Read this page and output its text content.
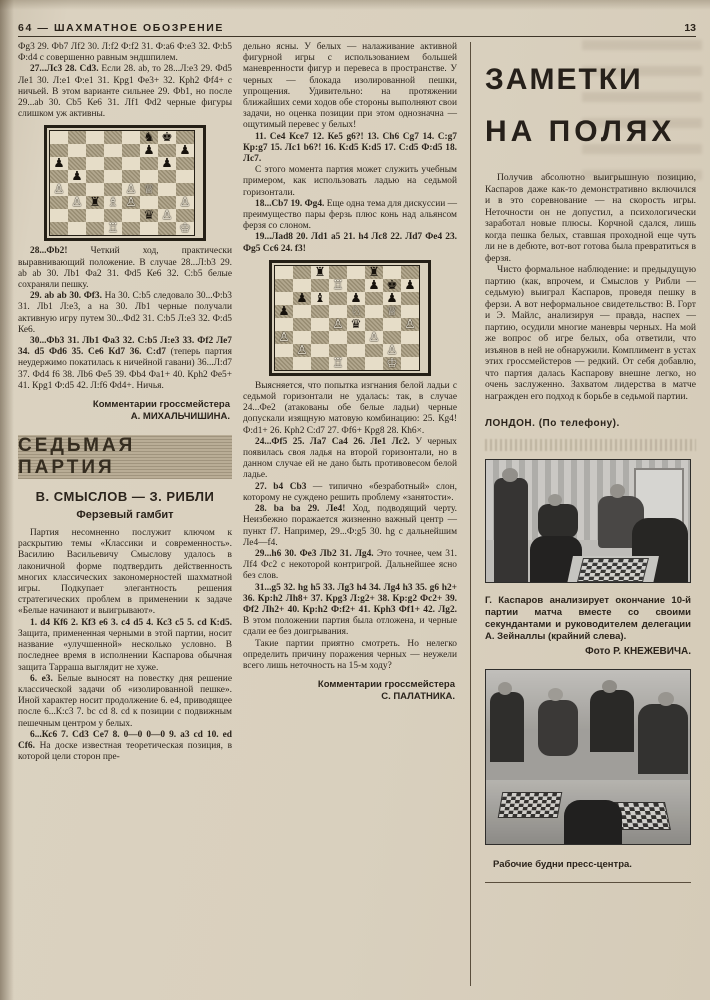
64 — ШАХМАТНОЕ ОБОЗРЕНИЕ	13

Фg3 29. Фb7 Лf2 30. Л:f2 Ф:f2 31. Ф:а6 Ф:е3 32. Ф:b5 Ф:d4 с совершенно равным эндшпилем.

27...Лс3 28. Сd3. Если 28. ab, то 28...Л:е3 29. Фd5 Ле1 30. Л:е1 Ф:е1 31. Крg1 Фе3+ 32. Крh2 Фf4+ с ничьей. В этом варианте сильнее 29. Фb1, но после 29...ab 30. Сb5 Ке6 31. Лf1 Фd2 черные фигуры слишком уж активны.

♞ ♚
♟ ♟
♟	♟
♟
♙	♙ ♕
♙ ♜ ♗ ♙	♙
♛ ♙
♖	♔

28...Фb2! Четкий ход, практически выравнивающий положение. В случае 28...Л:b3 29. ab ab 30. Лb1 Фа2 31. Фd5 Ке6 32. С:b5 белые сохраняли пешку.

29. ab ab 30. Фf3. На 30. С:b5 следовало 30...Ф:b3 31. Лb1 Л:е3, а на 30. Лb1 черные получали активную игру путем 30...Фd2 31. С:b5 Л:е3 32. Ф:d5 Ке6.

30...Фb3 31. Лb1 Фа3 32. С:b5 Л:е3 33. Фf2 Ле7 34. d5 Фd6 35. Се6 Кd7 36. С:d7 (теперь партия неудержимо покатилась к ничейной гавани) 36...Л:d7 37. Фd4 f6 38. Лb6 Фе5 39. Фb4 Фа1+ 40. Крh2 Фе5+ 41. Крg1 Ф:d5 42. Л:f6 Фd4+. Ничья.

Комментарии гроссмейстера
А. МИХАЛЬЧИШИНА.
СЕДЬМАЯ ПАРТИЯ
В. СМЫСЛОВ — З. РИБЛИ
Ферзевый гамбит

Партия несомненно послужит ключом к раскрытию темы «Классики и современность». Василию Васильевичу Смыслову удалось в лаконичной форме подтвердить действенность многих классических закономерностей шахматной игры. Подкупает элегантность решения стратегических проблем в применении к задаче «Белые начинают и выигрывают».

1. d4 Кf6 2. Кf3 е6 3. с4 d5 4. Кс3 с5 5. cd К:d5. Защита, примененная черными в этой партии, носит название «улучшенной» несколько условно. В последнее время в исполнении Каспарова обычная защита Тарраша выглядит не хуже.

6. е3. Белые выносят на повестку дня решение классической задачи об «изолированной пешке». Иной характер носит продолжение 6. е4, приводящее после 6...К:с3 7. bc cd 8. cd к позиции с подвижным пешечным центром у белых.

6...Кс6 7. Сd3 Се7 8. 0—0 0—0 9. а3 cd 10. ed Сf6. На доске известная теоретическая позиция, в которой цели сторон пре-

дельно ясны. У белых — налаживание активной фигурной игры с использованием большей маневренности фигур и перевеса в пространстве. У черных — блокада изолированной пешки, упрощения. Удивительно: на протяжении ближайших семи ходов обе стороны выполняют свои задачи, но оценка позиции при этом однозначна — ощутимый перевес у белых!

11. Се4 Ксе7 12. Ке5 g6?! 13. Сh6 Сg7 14. С:g7 Кр:g7 15. Лс1 b6?! 16. К:d5 К:d5 17. С:d5 Ф:d5 18. Лс7.

С этого момента партия может служить учебным примером, как использовать ладью на седьмой горизонтали.

18...Сb7 19. Фg4. Еще одна тема для дискуссии — преимущество пары ферзь плюс конь над альянсом ферзя со слоном.

19...Лad8 20. Лd1 а5 21. h4 Лс8 22. Лd7 Фе4 23. Фg5 Сс6 24. f3!

♜	♜
♖ ♟ ♚ ♟
♟ ♝ ♟ ♟
♟	♘ ♕
♙ ♛	♙
♙	♙
♙	♙
♖	♔

Выясняется, что попытка изгнания белой ладьи с седьмой горизонтали не удалась: так, в случае 24...Фе2 (атакованы обе белые ладьи) черные допускали изящную матовую комбинацию: 25. Кg4! Ф:d1+ 26. Крh2 С:d7 27. Фf6+ Крg8 28. Кh6×.

24...Фf5 25. Ла7 Са4 26. Ле1 Лс2. У черных появилась своя ладья на второй горизонтали, но в данном случае ей не дано быть противовесом белой ладье.

27. b4 Сb3 — типично «безработный» слон, которому не суждено решить проблему «занятости».

28. ba ba 29. Ле4! Ход, подводящий черту. Неизбежно поражается жизненно важный центр — пункт f7. Например, 29...Ф:g5 30. hg с дальнейшим Ле4—f4.

29...h6 30. Фе3 Лb2 31. Лg4. Это точнее, чем 31. Лf4 Фс2 с некоторой контригрой. Дальнейшее ясно без слов.

31...g5 32. hg h5 33. Лg3 h4 34. Лg4 h3 35. g6 h2+ 36. Кр:h2 Лh8+ 37. Крg3 Л:g2+ 38. Кр:g2 Фс2+ 39. Фf2 Лh2+ 40. Кр:h2 Ф:f2+ 41. Крh3 Фf1+ 42. Лg2. В этом положении партия была отложена, и черные сдали ее без доигрывания.

Такие партии приятно смотреть. Но нелегко определить причину поражения черных — неужели всего лишь неточность на 15-м ходу?

Комментарии гроссмейстера
С. ПАЛАТНИКА.
ЗАМЕТКИ
НА ПОЛЯХ

Получив абсолютно выигрышную позицию, Каспаров даже как-то демонстративно включился и в это соревнование — на скорость игры. Неточности он не допустил, а психологически заработал новые плюсы. Корчной сдался, лишь когда пешка белых, ставшая проходной еще чуть ли не в дебюте, вот-вот готова была превратиться в ферзя.

Чисто формальное наблюдение: и предыдущую партию (как, впрочем, и Смыслов у Рибли — седьмую) выиграл Каспаров, проведя пешку в ферзи. А вот неформальное свидетельство: В. Горт и Э. Майлс, анализируя — правда, наспех — партию, осудили многие маневры черных. На мой же вопрос об игре белых, оба ответили, что изъянов в ней не обнаружили. Комплимент в устах этих гроссмейстеров — редкий. От себя добавлю, что партия далась Каспарову внешне легко, но очень заслуженно. Захватом лидерства в матче награжден его подход к борьбе в седьмой партии.

ЛОНДОН. (По телефону).
Г. Каспаров анализирует окончание 10-й партии матча вместе со своими секундантами и руководителем делегации А. Зейналлы (крайний слева).
Фото Р. КНЕЖЕВИЧА.
Рабочие будни пресс-центра.
